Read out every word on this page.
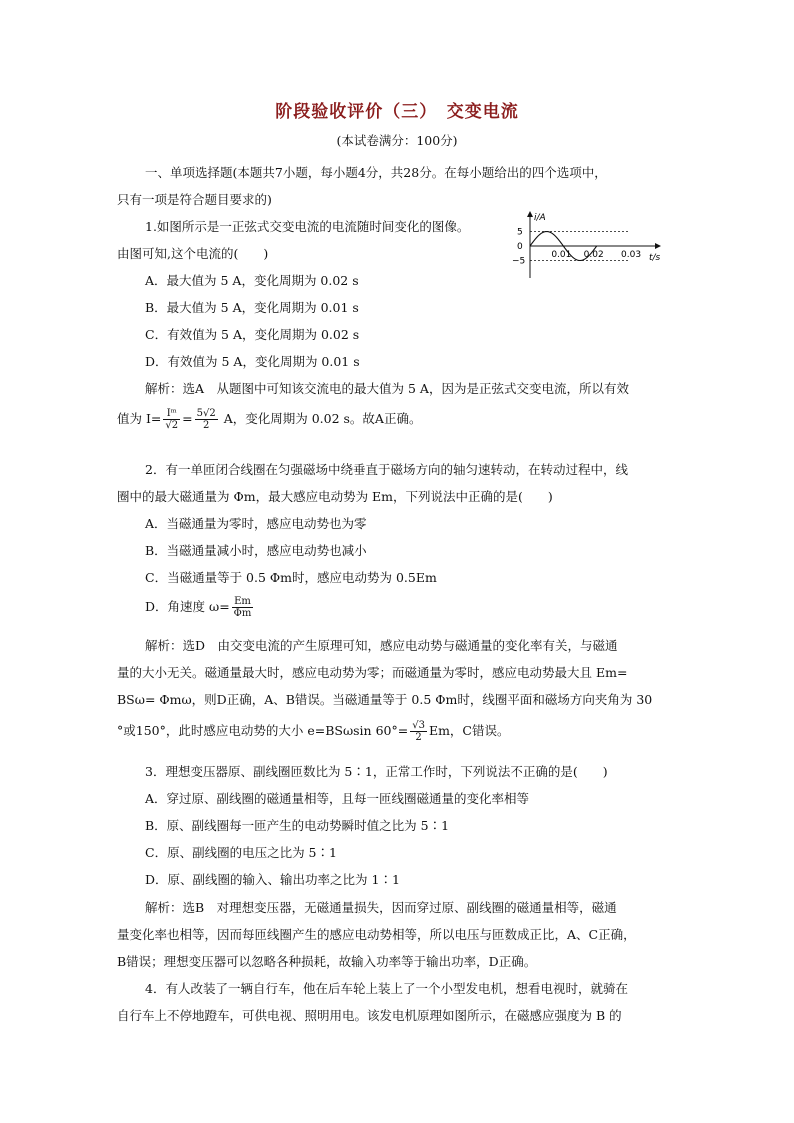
阶段验收评价（三）　交变电流
(本试卷满分：100分)
一、单项选择题(本题共7小题，每小题4分，共28分。在每小题给出的四个选项中，
只有一项是符合题目要求的)
1.如图所示是一正弦式交变电流的电流随时间变化的图像。
由图可知,这个电流的(　　)
i/A
t/s
5
0
−5
0.01 0.02 0.03
A．最大值为 5 A，变化周期为 0.02 s
B．最大值为 5 A，变化周期为 0.01 s
C．有效值为 5 A，变化周期为 0.02 s
D．有效值为 5 A，变化周期为 0.01 s
解析：选A　从题图中可知该交流电的最大值为 5 A，因为是正弦式交变电流，所以有效
值为 $I= \frac{\text{Iᵐ}}{√2} = \frac{5√2}{2}$ A，变化周期为 0.02 s。故A正确。
2．有一单匝闭合线圈在匀强磁场中绕垂直于磁场方向的轴匀速转动，在转动过程中，线
圈中的最大磁通量为 Φm，最大感应电动势为 Em，下列说法中正确的是(　　)
A．当磁通量为零时，感应电动势也为零
B．当磁通量减小时，感应电动势也减小
C．当磁通量等于 0.5 Φm时，感应电动势为 0.5Em
D．角速度 $\omega= \frac{Em}{\Phi m}$
解析：选D　由交变电流的产生原理可知，感应电动势与磁通量的变化率有关，与磁通
量的大小无关。磁通量最大时，感应电动势为零；而磁通量为零时，感应电动势最大且 Em=
BSω= Φmω，则D正确，A、B错误。当磁通量等于 0.5 Φm时，线圈平面和磁场方向夹角为 30
°或150°，此时感应电动势的大小 e=BSωsin $60^\circ= \frac{√3}{2}$ Em，C错误。
3．理想变压器原、副线圈匝数比为 5∶1，正常工作时，下列说法不正确的是(　　)
A．穿过原、副线圈的磁通量相等，且每一匝线圈磁通量的变化率相等
B．原、副线圈每一匝产生的电动势瞬时值之比为 5∶1
C．原、副线圈的电压之比为 5∶1
D．原、副线圈的输入、输出功率之比为 1∶1
解析：选B　对理想变压器，无磁通量损失，因而穿过原、副线圈的磁通量相等，磁通
量变化率也相等，因而每匝线圈产生的感应电动势相等，所以电压与匝数成正比，A、C正确，
B错误；理想变压器可以忽略各种损耗，故输入功率等于输出功率，D正确。
4．有人改装了一辆自行车，他在后车轮上装上了一个小型发电机，想看电视时，就骑在
自行车上不停地蹬车，可供电视、照明用电。该发电机原理如图所示，在磁感应强度为 B 的
